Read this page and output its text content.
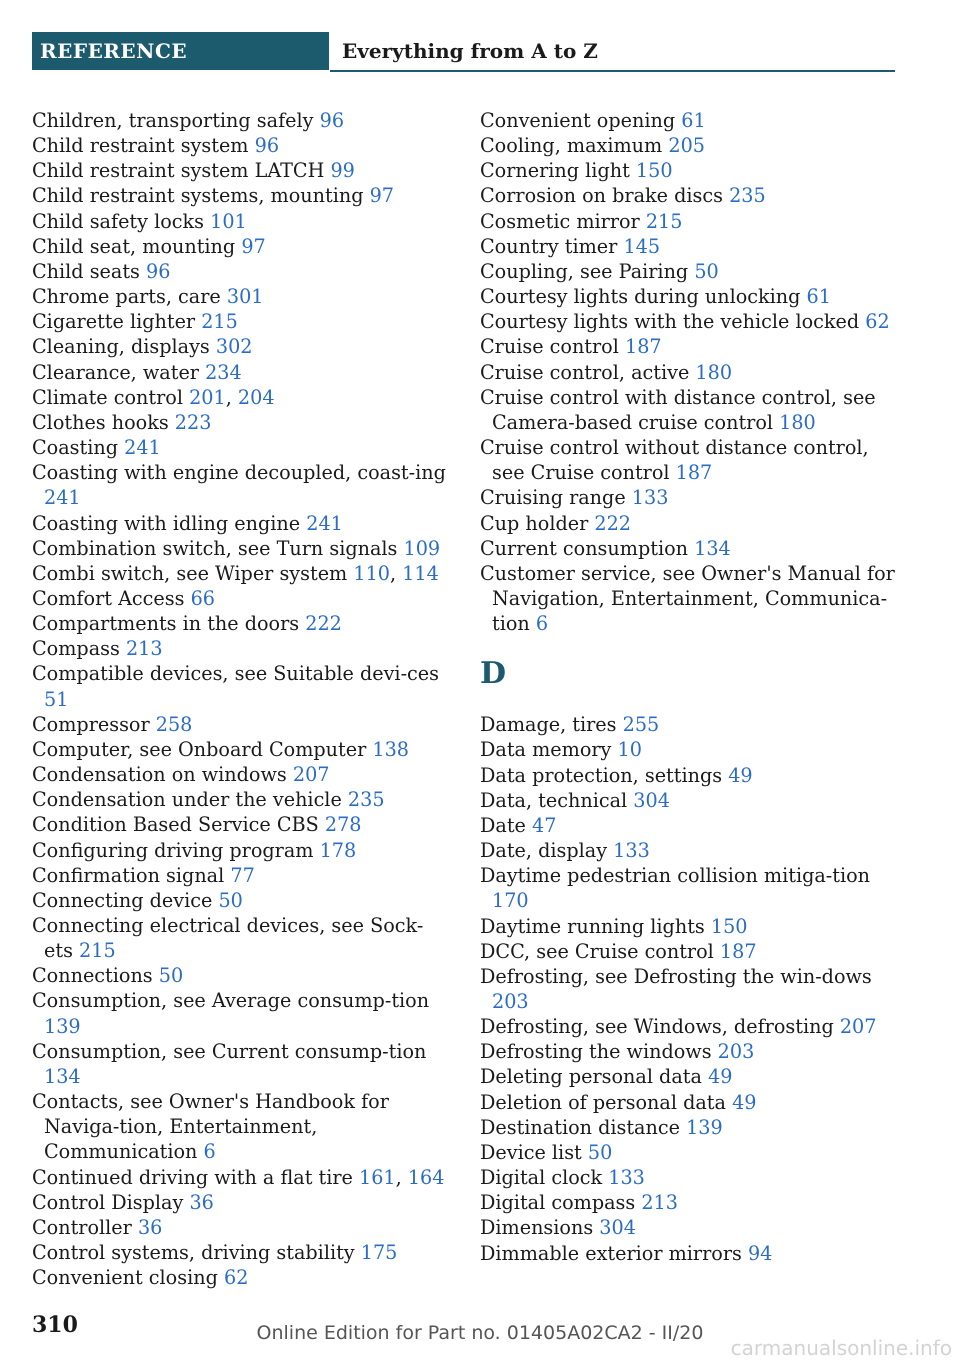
REFERENCE	Everything from A to Z
Children, transporting safely 96
Child restraint system 96
Child restraint system LATCH 99
Child restraint systems, mounting 97
Child safety locks 101
Child seat, mounting 97
Child seats 96
Chrome parts, care 301
Cigarette lighter 215
Cleaning, displays 302
Clearance, water 234
Climate control 201, 204
Clothes hooks 223
Coasting 241
Coasting with engine decoupled, coast-ing 241
Coasting with idling engine 241
Combination switch, see Turn signals 109
Combi switch, see Wiper system 110, 114
Comfort Access 66
Compartments in the doors 222
Compass 213
Compatible devices, see Suitable devi-ces 51
Compressor 258
Computer, see Onboard Computer 138
Condensation on windows 207
Condensation under the vehicle 235
Condition Based Service CBS 278
Configuring driving program 178
Confirmation signal 77
Connecting device 50
Connecting electrical devices, see Sock-ets 215
Connections 50
Consumption, see Average consump-tion 139
Consumption, see Current consump-tion 134
Contacts, see Owner's Handbook for Naviga-tion, Entertainment, Communication 6
Continued driving with a flat tire 161, 164
Control Display 36
Controller 36
Control systems, driving stability 175
Convenient closing 62
Convenient opening 61
Cooling, maximum 205
Cornering light 150
Corrosion on brake discs 235
Cosmetic mirror 215
Country timer 145
Coupling, see Pairing 50
Courtesy lights during unlocking 61
Courtesy lights with the vehicle locked 62
Cruise control 187
Cruise control, active 180
Cruise control with distance control, see Camera-based cruise control 180
Cruise control without distance control, see Cruise control 187
Cruising range 133
Cup holder 222
Current consumption 134
Customer service, see Owner's Manual for Navigation, Entertainment, Communica-tion 6
D
Damage, tires 255
Data memory 10
Data protection, settings 49
Data, technical 304
Date 47
Date, display 133
Daytime pedestrian collision mitiga-tion 170
Daytime running lights 150
DCC, see Cruise control 187
Defrosting, see Defrosting the win-dows 203
Defrosting, see Windows, defrosting 207
Defrosting the windows 203
Deleting personal data 49
Deletion of personal data 49
Destination distance 139
Device list 50
Digital clock 133
Digital compass 213
Dimensions 304
Dimmable exterior mirrors 94
310	Online Edition for Part no. 01405A02CA2 - II/20
carmanualsonline.info
